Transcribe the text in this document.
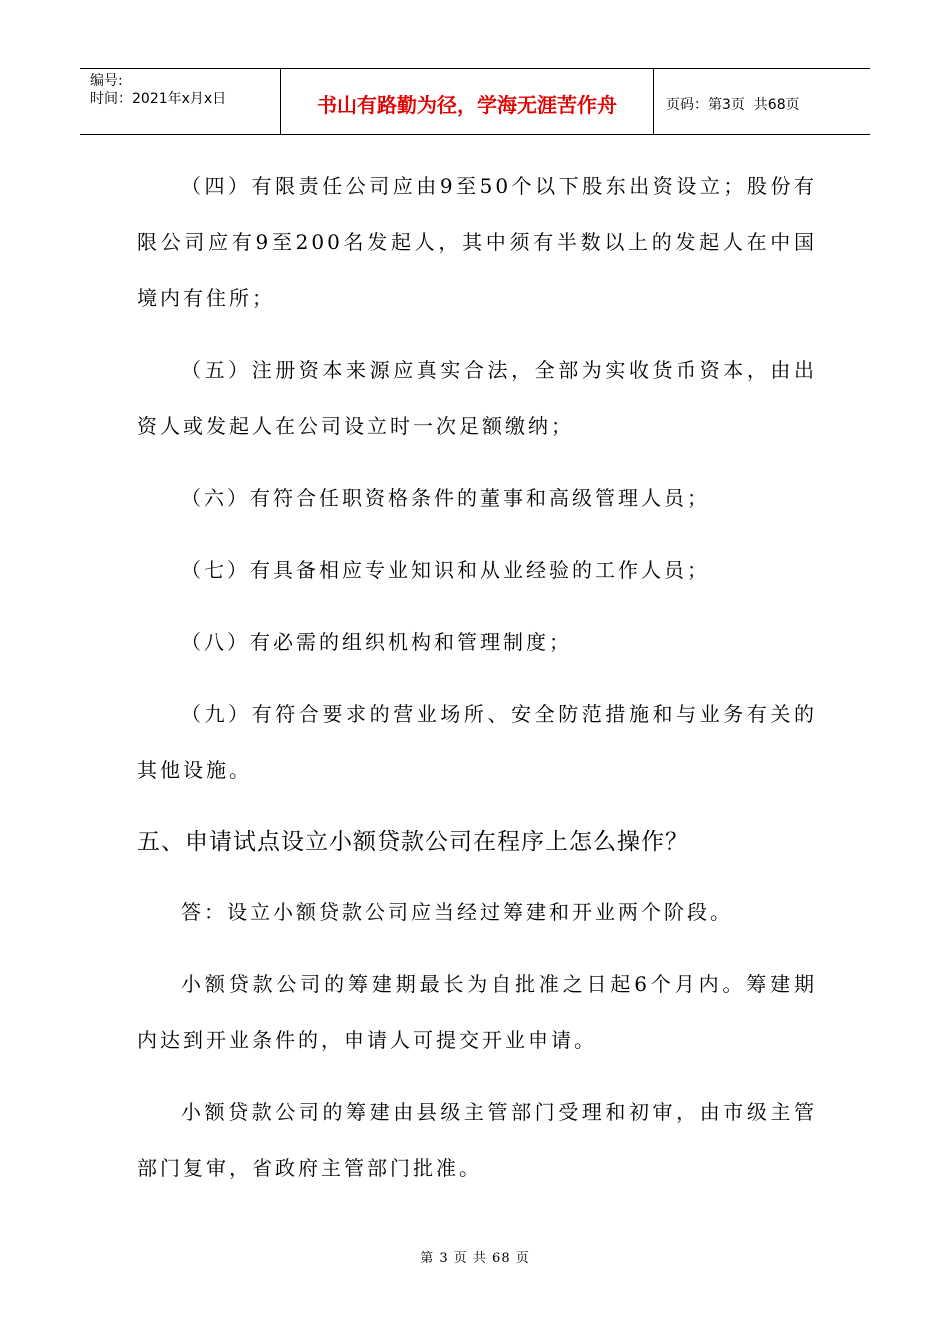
编号:
时间：2021年x月x日	书山有路勤为径，学海无涯苦作舟	页码：第3页  共68页

（四）有限责任公司应由9至50个以下股东出资设立；股份有限公司应有9至200名发起人，其中须有半数以上的发起人在中国境内有住所；

（五）注册资本来源应真实合法，全部为实收货币资本，由出资人或发起人在公司设立时一次足额缴纳；

（六）有符合任职资格条件的董事和高级管理人员；

（七）有具备相应专业知识和从业经验的工作人员；

（八）有必需的组织机构和管理制度；

（九）有符合要求的营业场所、安全防范措施和与业务有关的其他设施。

五、申请试点设立小额贷款公司在程序上怎么操作？

答：设立小额贷款公司应当经过筹建和开业两个阶段。

小额贷款公司的筹建期最长为自批准之日起6个月内。筹建期内达到开业条件的，申请人可提交开业申请。

小额贷款公司的筹建由县级主管部门受理和初审，由市级主管部门复审，省政府主管部门批准。

第 3 页 共 68 页
